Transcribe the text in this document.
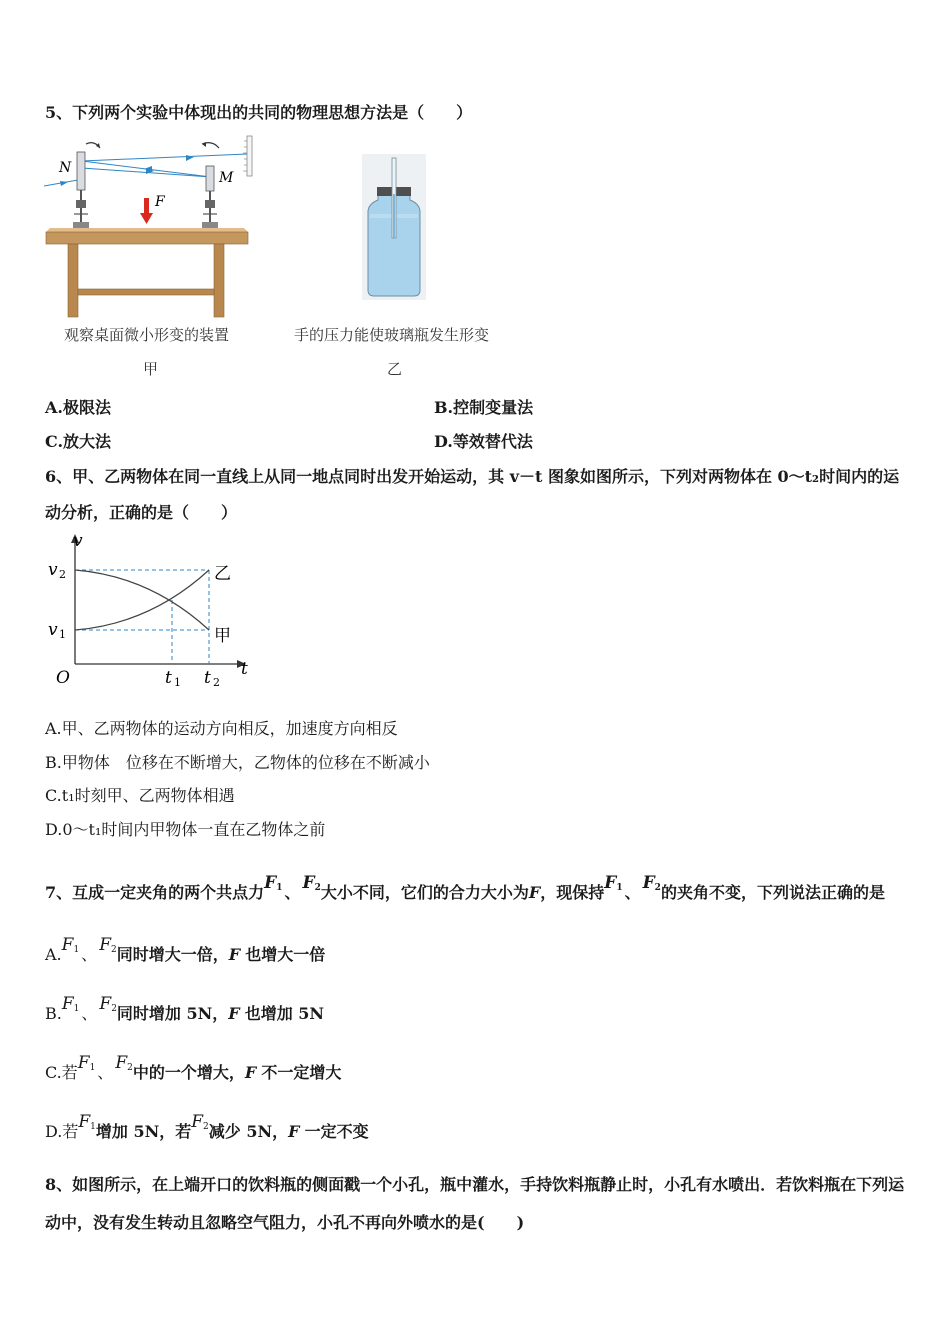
5、下列两个实验中体现出的共同的物理思想方法是（　　）
N
M
F
观察桌面微小形变的装置
甲
手的压力能使玻璃瓶发生形变
乙
A.极限法	B.控制变量法
C.放大法	D.等效替代法
6、甲、乙两物体在同一直线上从同一地点同时出发开始运动，其 v－t 图象如图所示，下列对两物体在 0～t₂时间内的运
动分析，正确的是（　　）
v
t
O
v 2
v 1
t 1 t 2
乙
甲
A.甲、乙两物体的运动方向相反，加速度方向相反
B.甲物体　位移在不断增大，乙物体的位移在不断减小
C.t₁时刻甲、乙两物体相遇
D.0～t₁时间内甲物体一直在乙物体之前
7、互成一定夹角的两个共点力$F_1$ 、 $F_2$大小不同，它们的合力大小为F，现保持$F_1$ 、 $F_2$的夹角不变，下列说法正确的是
$A.F_1$ 、 $F_2$同时增大一倍，F 也增大一倍
$B.F_1$ 、 $F_2$同时增加 5N，F 也增加 5N
C.若$F_1$ 、 $F_2$中的一个增大，F 不一定增大
D.若$F_1$增加 5N，若$F_2$减少 5N，F 一定不变
8、如图所示，在上端开口的饮料瓶的侧面戳一个小孔，瓶中灌水，手持饮料瓶静止时，小孔有水喷出．若饮料瓶在下列运
动中，没有发生转动且忽略空气阻力，小孔不再向外喷水的是(　　)
